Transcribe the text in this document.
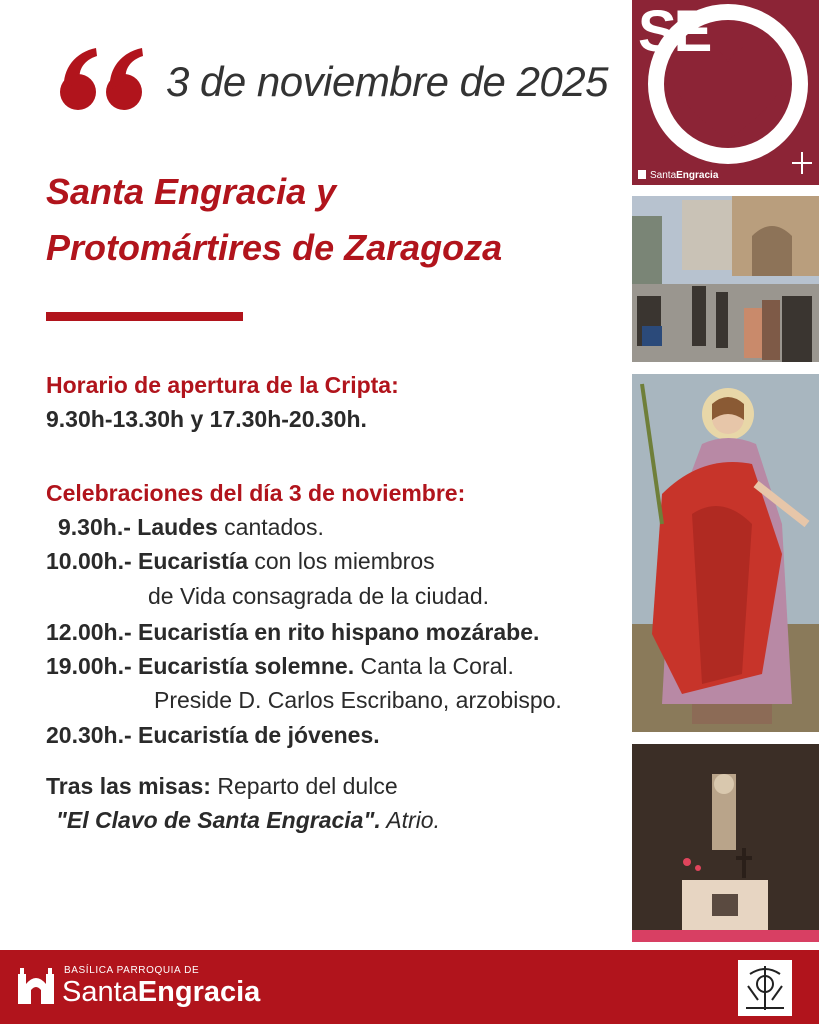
3 de noviembre de 2025
Santa Engracia y
Protomártires de Zaragoza
Horario de apertura de la Cripta:
9.30h-13.30h y 17.30h-20.30h.
Celebraciones del día 3 de noviembre:
9.30h.- Laudes cantados.
10.00h.- Eucaristía con los miembros
de Vida consagrada de la ciudad.
12.00h.- Eucaristía en rito hispano mozárabe.
19.00h.- Eucaristía solemne. Canta la Coral.
Preside D. Carlos Escribano, arzobispo.
20.30h.- Eucaristía de jóvenes.
Tras las misas: Reparto del dulce
"El Clavo de Santa Engracia". Atrio.
SE
SantaEngracia
BASÍLICA PARROQUIA DE
SantaEngracia
